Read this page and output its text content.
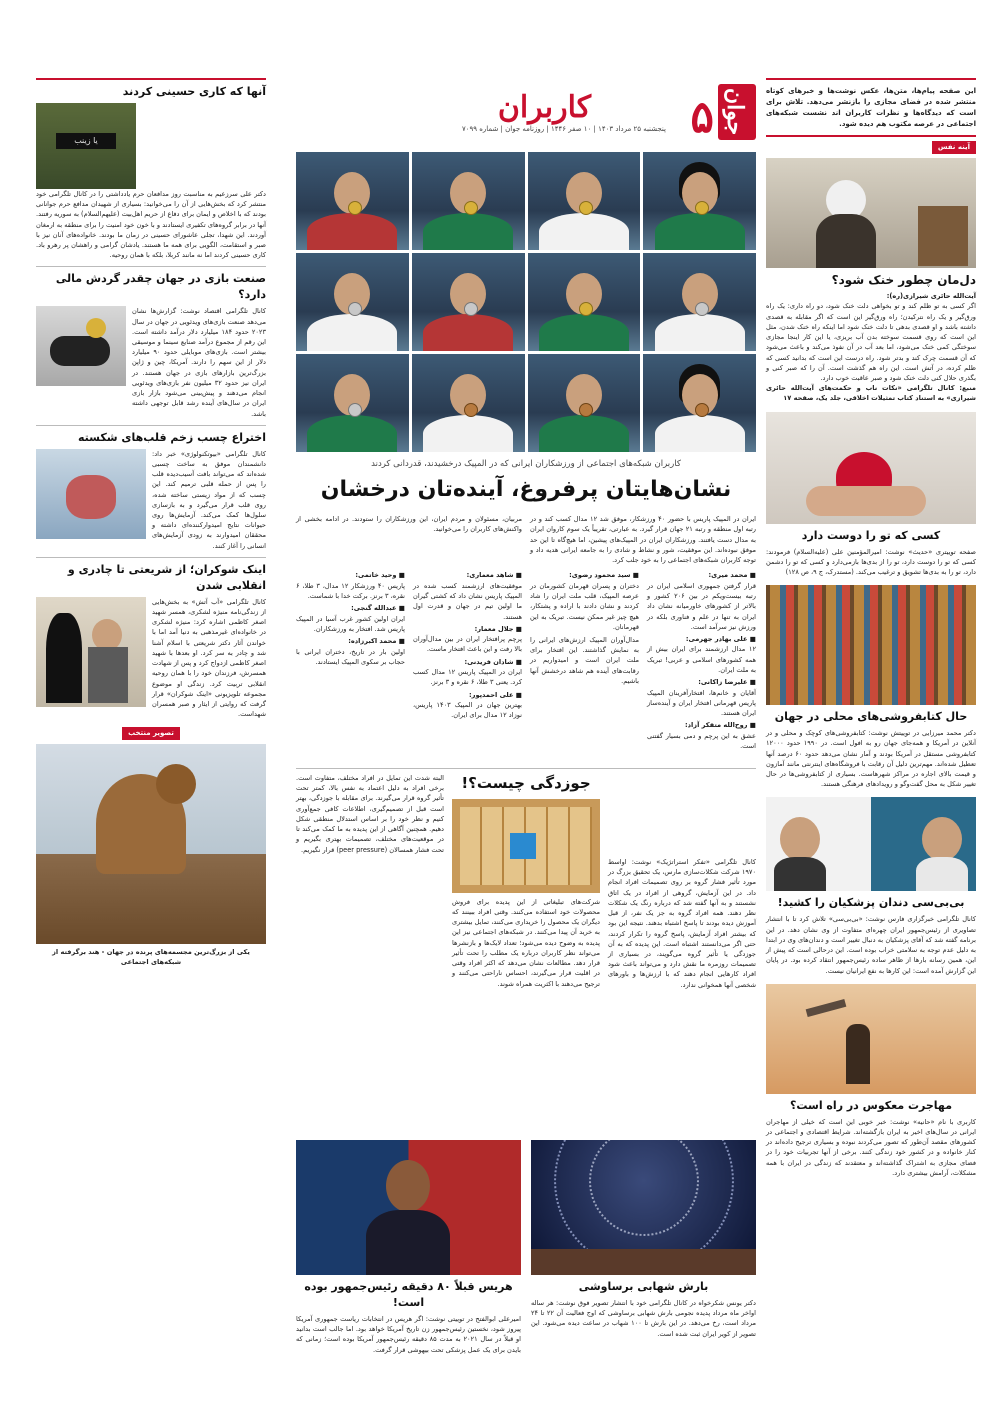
این صفحه پیام‌ها، متن‌ها، عکس‌ نوشت‌ها و خبرهای کوتاه منتشر شده در فضای مجازی را بازنشر می‌دهد. تلاش برای است که دیدگاه‌ها و نظرات کاربران اند نشست شبکه‌های اجتماعی در عرصه مکتوب هم دیده شود.

آینه نفس
دل‌مان چطور خنک شود؟
آیت‌الله حائری شیرازی(ره):

اگر کسی به تو ظلم کند و تو بخواهی دلت خنک شود، دو راه داری: یک راه ورق‌گیر و یک راه نترکیدن؛ راه ورق‌گیر این است که اگر مقابله به قصدی داشته باشد و او قصدی بدهی تا دلت خنک شود اما اینکه راه خنک شدن، مثل این است که روی قسمت سوخته بدن آب بریزی، یا این کار اینجا مجازی سوختگی کمی خنک می‌شود، اما بعد آب در آن نفوذ می‌کند و باعث می‌شود که آن قسمت چرک کند و بدتر شود. راه درست این است که بدانید کسی که ظلم کرده، در آتش است. این راه هم گذشت است. آن را که صبر کنی و بگذری حلال کنی دلت خنک شود و صبر عاقبت خوب دارد.

منبع: کانال تلگرامی «نکات ناب و حکمت‌های آیت‌الله حائری شیرازی» به استناد کتاب تمثیلات اخلاقی، جلد یک، صفحه ۱۷

کسی که تو را دوست دارد

صفحه توییتری «حدیث» نوشت: امیرالمؤمنین علی (علیه‌السلام) فرمودند: کسی که تو را دوست دارد، تو را از بدی‌ها بازمی‌دارد و کسی که تو را دشمن دارد، تو را به بدی‌ها تشویق و ترغیب می‌کند. (مستدرک، ج ۹، ص ۱۲۸)

حال کتابفروشی‌های محلی در جهان

دکتر محمد میرزایی در توییتش نوشت: کتابفروشی‌های کوچک و محلی و در آنلاین در آمریکا و همه‌جای جهان رو به افول است. در ۱۹۹۰ حدود ۱۲۰۰۰ کتابفروشی مستقل در آمریکا بودند و آمار نشان می‌دهد حدود ۶۰ درصد آنها تعطیل شده‌اند. مهم‌ترین دلیل آن رقابت با فروشگاه‌های اینترنتی مانند آمازون و قیمت بالای اجاره در مراکز شهرهاست. بسیاری از کتابفروشی‌ها در حال تغییر شکل به محل گفت‌وگو و رویدادهای فرهنگی هستند.

بی‌بی‌سی دندان پزشکیان را کشید!

کانال تلگرامی خبرگزاری فارس نوشت: «بی‌بی‌سی» تلاش کرد تا با انتشار تصاویری از رئیس‌جمهور ایران چهره‌ای متفاوت از وی نشان دهد. در این برنامه گفته شد که آقای پزشکیان به دنبال تغییر است و دندان‌های وی در ابتدا به دلیل عدم توجه به سلامتی خراب بوده است. این درحالی است که پیش از این، همین رسانه بارها از ظاهر ساده رئیس‌جمهور انتقاد کرده بود. در پایان این گزارش آمده است: این کارها به نفع ایرانیان نیست.

مهاجرت معکوس در راه است؟

کاربری با نام «حانیه» نوشت: خبر خوبی این است که خیلی از مهاجران ایرانی در سال‌های اخیر به ایران بازگشته‌اند. شرایط اقتصادی و اجتماعی در کشورهای مقصد آن‌طور که تصور می‌کردند نبوده و بسیاری ترجیح داده‌اند در کنار خانواده و در کشور خود زندگی کنند. برخی از آنها تجربیات خود را در فضای مجازی به اشتراک گذاشته‌اند و معتقدند که زندگی در ایران با همه مشکلات، آرامش بیشتری دارد.

جوان
۵
کاربران
پنجشنبه ۲۵ مرداد ۱۴۰۳ | ۱۰ صفر ۱۴۴۶ | روزنامه جوان | شماره ۷۰۹۹
کاربران شبکه‌های اجتماعی از ورزشکاران ایرانی که در المپیک درخشیدند، قدردانی کردند
نشان‌هایتان پرفروغ، آینده‌تان درخشان

ایران در المپیک پاریس با حضور ۴۰ ورزشکار، موفق شد ۱۲ مدال کسب کند و در رتبه اول منطقه و رتبه ۲۱ جهان قرار گیرد. به عبارتی، تقریباً یک سوم کاروان ایران به مدال دست یافتند. ورزشکاران ایران در المپیک‌های پیشین، اما هیچ‌گاه تا این حد موفق نبوده‌اند. این موفقیت، شور و نشاط و شادی را به جامعه ایرانی هدیه داد و توجه کاربران شبکه‌های اجتماعی را به خود جلب کرد.

مربیان، مسئولان و مردم ایران، این ورزشکاران را ستودند. در ادامه بخشی از واکنش‌های کاربران را می‌خوانید.

■ محمد میری:

قرار گرفتن جمهوری اسلامی ایران در رتبه بیست‌ویکم در بین ۲۰۶ کشور و بالاتر از کشورهای خاورمیانه نشان داد ایران به تنها در علم و فناوری بلکه در ورزش نیز سرآمد است.

■ علی بهادر جهرمی:

۱۲ مدال ارزشمند برای ایران بیش از همه کشورهای اسلامی و عربی! تبریک به ملت ایران.

■ علیرضا زاکانی:

آقایان و خانم‌ها، افتخارآفرینان المپیک پاریس قهرمانی افتخار ایران و آینده‌ساز ایران هستند.

■ روح‌الله متفکر آزاد:

عشق به این پرچم و دمی بسیار گفتنی است.

■ سید محمود رضوی:

دختران و پسران قهرمان کشورمان در عرصه المپیک، قلب ملت ایران را شاد کردند و نشان دادند با اراده و پشتکار، هیچ چیز غیر ممکن نیست. تبریک به این قهرمانان.

مدال‌آوران المپیک ارزش‌های ایرانی را به نمایش گذاشتند. این افتخار برای ملت ایران است و امیدواریم در رقابت‌های آینده هم شاهد درخشش آنها باشیم.

■ شاهد معماری:

موفقیت‌های ارزشمند کسب شده در المپیک پاریس نشان داد که کشتی‌ گیران ما اولین تیم در جهان و قدرت اول هستند.

■ جلال معمار:

پرچم پرافتخار ایران در بین مدال‌آوران بالا رفت و این باعث افتخار ماست.

■ شادان فریدنی:

ایران در المپیک پاریس ۱۲ مدال کسب کرد. یعنی ۳ طلا، ۶ نقره و ۳ برنز.

■ علی احمدپور:

بهترین جهان در المپیک ۱۴۰۳ پاریس، نوزاد ۱۲ مدال برای ایران.

■ وحید خاتمی:

پاریس ۴۰ ورزشکار ۱۲ مدال، ۳ طلا، ۶ نقره، ۳ برنز. برکت خدا با شماست.

■ عبدالله گنجی:

ایران اولین کشور غرب آسیا در المپیک پاریس شد. افتخار به ورزشکاران.

■ محمد اکبرزاده:

اولین بار در تاریخ، دختران ایرانی با حجاب بر سکوی المپیک ایستادند.

کانال تلگرامی «تفکر استراتژیک» نوشت: اواسط ۱۹۷۰ شرکت شکلات‌سازی مارس، یک تحقیق بزرگ در مورد تأثیر فشار گروه بر روی تصمیمات افراد انجام داد. در این آزمایش، گروهی از افراد در یک اتاق نشستند و به آنها گفته شد که درباره رنگ یک شکلات نظر دهند. همه افراد گروه به جز یک نفر، از قبل آموزش دیده بودند تا پاسخ اشتباه بدهند. نتیجه این بود که بیشتر افراد آزمایش، پاسخ گروه را تکرار کردند، حتی اگر می‌دانستند اشتباه است. این پدیده که به آن جوزدگی یا تأثیر گروه می‌گویند، در بسیاری از تصمیمات روزمره ما نقش دارد و می‌تواند باعث شود افراد کارهایی انجام دهند که با ارزش‌ها و باورهای شخصی آنها همخوانی ندارد.

جوزدگی چیست؟!

شرکت‌های تبلیغاتی از این پدیده برای فروش محصولات خود استفاده می‌کنند. وقتی افراد ببینند که دیگران یک محصول را خریداری می‌کنند، تمایل بیشتری به خرید آن پیدا می‌کنند. در شبکه‌های اجتماعی نیز این پدیده به وضوح دیده می‌شود؛ تعداد لایک‌ها و بازنشرها می‌تواند نظر کاربران درباره یک مطلب را تحت تأثیر قرار دهد. مطالعات نشان می‌دهد که اکثر افراد وقتی در اقلیت قرار می‌گیرند، احساس ناراحتی می‌کنند و ترجیح می‌دهند با اکثریت همراه شوند.

البته شدت این تمایل در افراد مختلف، متفاوت است. برخی افراد به دلیل اعتماد به نفس بالا، کمتر تحت تأثیر گروه قرار می‌گیرند. برای مقابله با جوزدگی، بهتر است قبل از تصمیم‌گیری، اطلاعات کافی جمع‌آوری کنیم و نظر خود را بر اساس استدلال منطقی شکل دهیم. همچنین آگاهی از این پدیده به ما کمک می‌کند تا در موقعیت‌های مختلف، تصمیمات بهتری بگیریم و تحت فشار همسالان (peer pressure) قرار نگیریم.

بارش شهابی برساوشی

دکتر یونس شکرخواه در کانال تلگرامی خود با انتشار تصویر فوق نوشت: هر ساله اواخر ماه مرداد پدیده نجومی بارش شهابی برساوشی که اوج فعالیت آن ۲۲ تا ۲۴ مرداد است، رخ می‌دهد. در این بارش تا ۱۰۰ شهاب در ساعت دیده می‌شود. این تصویر از کویر ایران ثبت شده است.

هریس قبلاً ۸۰ دقیقه رئیس‌جمهور بوده است!

امیرعلی ابوالفتح در توییتی نوشت: اگر هریس در انتخابات ریاست جمهوری آمریکا پیروز شود، نخستین رئیس‌جمهور زن تاریخ آمریکا خواهد بود. اما جالب است بدانید او قبلاً در سال ۲۰۲۱ به مدت ۸۵ دقیقه رئیس‌جمهور آمریکا بوده است؛ زمانی که بایدن برای یک عمل پزشکی تحت بیهوشی قرار گرفت.

آنها که کاری حسینی کردند

یا زینب

دکتر علی سرزعیم به مناسبت روز مدافعان حرم یادداشتی را در کانال تلگرامی خود منتشر کرد که بخش‌هایی از آن را می‌خوانید: بسیاری از شهیدان مدافع حرم جوانانی بودند که با اخلاص و ایمان برای دفاع از حریم اهل‌بیت (علیهم‌السلام) به سوریه رفتند. آنها در برابر گروه‌های تکفیری ایستادند و با خون خود امنیت را برای منطقه به ارمغان آوردند. این شهدا، تجلی عاشورای حسینی در زمان ما بودند. خانواده‌های آنان نیز با صبر و استقامت، الگویی برای همه ما هستند. یادشان گرامی و راهشان پر رهرو باد. کاری حسینی کردند اما نه مانند کربلا، بلکه با همان روحیه.

صنعت بازی در جهان چقدر گردش مالی دارد؟

کانال تلگرامی اقتصاد نوشت: گزارش‌ها نشان می‌دهد صنعت بازی‌های ویدئویی در جهان در سال ۲۰۲۳ حدود ۱۸۴ میلیارد دلار درآمد داشته است. این رقم از مجموع درآمد صنایع سینما و موسیقی بیشتر است. بازی‌های موبایلی حدود ۹۰ میلیارد دلار از این سهم را دارند. آمریکا، چین و ژاپن بزرگ‌ترین بازارهای بازی در جهان هستند. در ایران نیز حدود ۳۲ میلیون نفر بازی‌های ویدئویی انجام می‌دهند و پیش‌بینی می‌شود بازار بازی ایران در سال‌های آینده رشد قابل توجهی داشته باشد.

اختراع چسب زخم قلب‌های شکسته

کانال تلگرامی «بیوتکنولوژی» خبر داد: دانشمندان موفق به ساخت چسبی شده‌اند که می‌تواند بافت آسیب‌دیده قلب را پس از حمله قلبی ترمیم کند. این چسب که از مواد زیستی ساخته شده، روی قلب قرار می‌گیرد و به بازسازی سلول‌ها کمک می‌کند. آزمایش‌ها روی حیوانات نتایج امیدوارکننده‌ای داشته و محققان امیدوارند به زودی آزمایش‌های انسانی را آغاز کنند.

اینک شوکران؛ از شریعتی تا چادری و انقلابی شدن

کانال تلگرامی «آب آتش» به بخش‌هایی از زندگی‌نامه منیژه لشکری، همسر شهید اصغر کاظمی اشاره کرد: منیژه لشکری در خانواده‌ای غیرمذهبی به دنیا آمد اما با خواندن آثار دکتر شریعتی با اسلام آشنا شد و چادر به سر کرد. او بعدها با شهید اصغر کاظمی ازدواج کرد و پس از شهادت همسرش، فرزندان خود را با همان روحیه انقلابی تربیت کرد. زندگی او موضوع مجموعه تلویزیونی «اینک شوکران» قرار گرفت که روایتی از ایثار و صبر همسران شهداست.

تصویر منتخب

یکی از بزرگ‌ترین مجسمه‌های پرنده در جهان - هند برگرفته از شبکه‌های اجتماعی
